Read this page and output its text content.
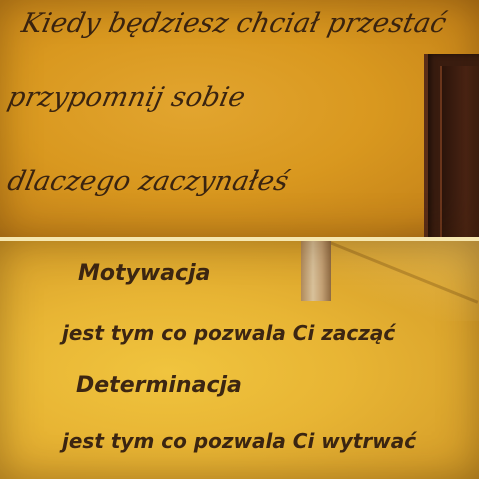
Kiedy będziesz chciał przestać
przypomnij sobie
dlaczego zaczynałeś
Motywacja
jest tym co pozwala Ci zacząć
Determinacja
jest tym co pozwala Ci wytrwać
